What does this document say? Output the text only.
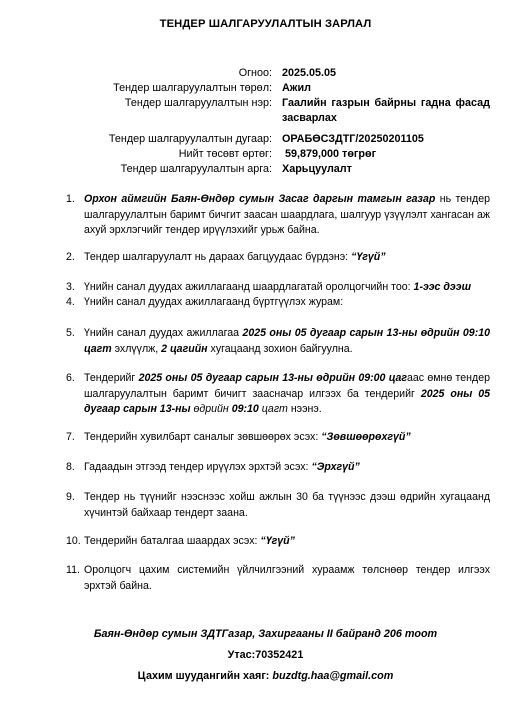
ТЕНДЕР ШАЛГАРУУЛАЛТЫН ЗАРЛАЛ
Огноо: 2025.05.05
Тендер шалгаруулалтын төрөл: Ажил
Тендер шалгаруулалтын нэр: Гаалийн газрын байрны гадна фасад засварлах
Тендер шалгаруулалтын дугаар: ОРАБӨСЗДТГ/20250201105
Нийт төсөвт өртөг: 59,879,000 төгрөг
Тендер шалгаруулалтын арга: Харьцуулалт
1. Орхон аймгийн Баян-Өндөр сумын Засаг даргын тамгын газар нь тендер шалгаруулалтын баримт бичгит заасан шаардлага, шалгуур үзүүлэлт хангасан аж ахуй эрхлэгчийг тендер ирүүлэхийг урьж байна.
2. Тендер шалгаруулалт нь дараах багцуудаас бүрдэнэ: “Үгүй”
3. Үнийн санал дуудах ажиллагаанд шаардлагатай оролцогчийн тоо: 1-ээс дээш
4. Үнийн санал дуудах ажиллагаанд бүртгүүлэх журам:
5. Үнийн санал дуудах ажиллагаа 2025 оны 05 дугаар сарын 13-ны өдрийн 09:10 цагт эхлүүлж, 2 цагийн хугацаанд зохион байгуулна.
6. Тендерийг 2025 оны 05 дугаар сарын 13-ны өдрийн 09:00 цагаас өмнө тендер шалгаруулалтын баримт бичигт заасначар илгээх ба тендерийг 2025 оны 05 дугаар сарын 13-ны өдрийн 09:10 цагт нээнэ.
7. Тендерийн хувилбарт саналыг зөвшөөрөх эсэх: “Зөвшөөрөхгүй”
8. Гадаадын этгээд тендер ирүүлэх эрхтэй эсэх: “Эрхгүй”
9. Тендер нь түүнийг нээснээс хойш ажлын 30 ба түүнээс дээш өдрийн хугацаанд хүчинтэй байхаар тендерт заана.
10. Тендерийн баталгаа шаардах эсэх: “Үгүй”
11. Оролцогч цахим системийн үйлчилгээний хураамж төлснөөр тендер илгээх эрхтэй байна.
Баян-Өндөр сумын ЗДТГазар, Захиргааны II байранд 206 тоот
Утас:70352421
Цахим шуудангийн хаяг: buzdtg.haa@gmail.com
